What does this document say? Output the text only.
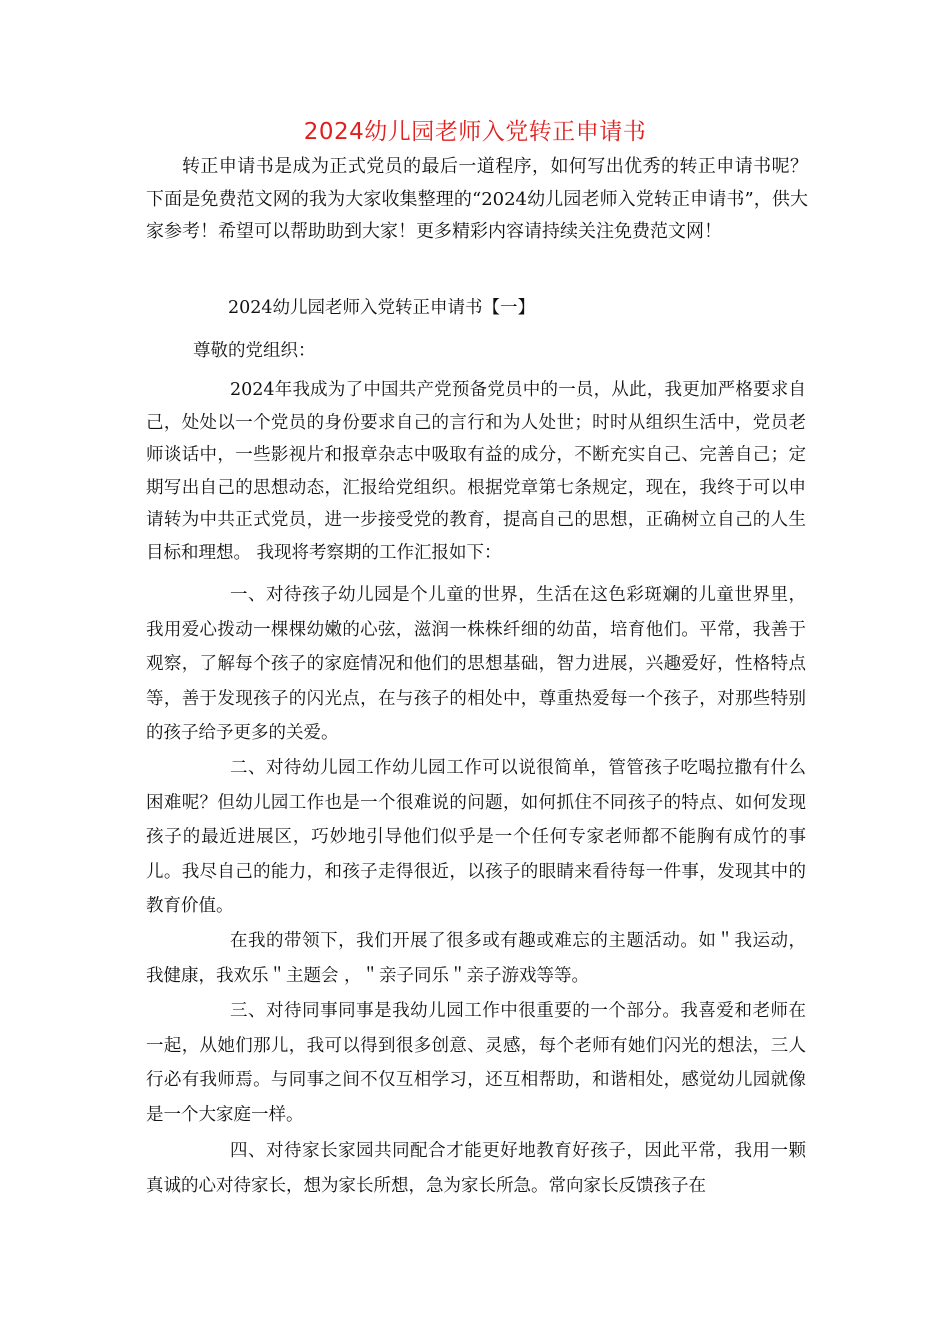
2024幼儿园老师入党转正申请书
转正申请书是成为正式党员的最后一道程序，如何写出优秀的转正申请书呢？下面是免费范文网的我为大家收集整理的“2024幼儿园老师入党转正申请书”，供大家参考！希望可以帮助助到大家！更多精彩内容请持续关注免费范文网！
2024幼儿园老师入党转正申请书【一】
尊敬的党组织：
2024年我成为了中国共产党预备党员中的一员，从此，我更加严格要求自己，处处以一个党员的身份要求自己的言行和为人处世；时时从组织生活中，党员老师谈话中，一些影视片和报章杂志中吸取有益的成分，不断充实自己、完善自己；定期写出自己的思想动态，汇报给党组织。根据党章第七条规定，现在，我终于可以申请转为中共正式党员，进一步接受党的教育，提高自己的思想，正确树立自己的人生目标和理想。 我现将考察期的工作汇报如下：
一、对待孩子幼儿园是个儿童的世界，生活在这色彩斑斓的儿童世界里，我用爱心拨动一棵棵幼嫩的心弦，滋润一株株纤细的幼苗，培育他们。平常，我善于观察，了解每个孩子的家庭情况和他们的思想基础，智力进展，兴趣爱好，性格特点等，善于发现孩子的闪光点，在与孩子的相处中，尊重热爱每一个孩子，对那些特别的孩子给予更多的关爱。
二、对待幼儿园工作幼儿园工作可以说很简单，管管孩子吃喝拉撒有什么困难呢？但幼儿园工作也是一个很难说的问题，如何抓住不同孩子的特点、如何发现孩子的最近进展区，巧妙地引导他们似乎是一个任何专家老师都不能胸有成竹的事儿。我尽自己的能力，和孩子走得很近，以孩子的眼睛来看待每一件事，发现其中的教育价值。
在我的带领下，我们开展了很多或有趣或难忘的主题活动。如＂我运动，我健康，我欢乐＂主题会 ，＂亲子同乐＂亲子游戏等等。
三、对待同事同事是我幼儿园工作中很重要的一个部分。我喜爱和老师在一起，从她们那儿，我可以得到很多创意、灵感，每个老师有她们闪光的想法，三人行必有我师焉。与同事之间不仅互相学习，还互相帮助，和谐相处，感觉幼儿园就像是一个大家庭一样。
四、对待家长家园共同配合才能更好地教育好孩子，因此平常，我用一颗真诚的心对待家长，想为家长所想，急为家长所急。常向家长反馈孩子在
